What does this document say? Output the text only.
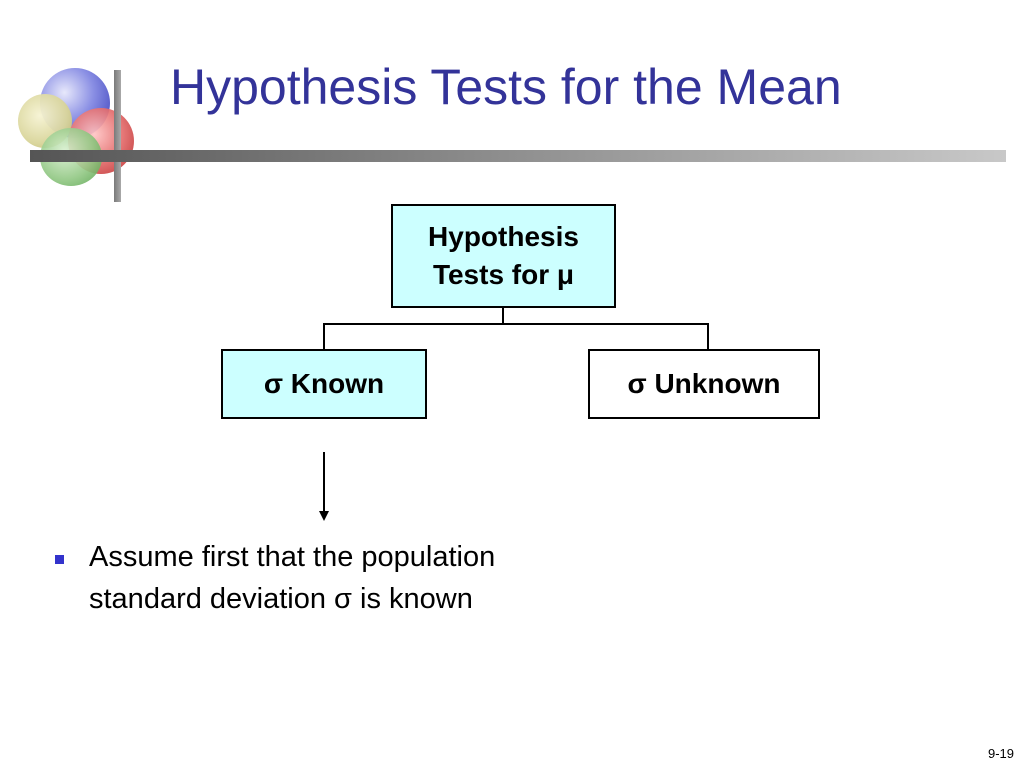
Hypothesis Tests for the Mean
Hypothesis
Tests for μ
σ Known	σ Unknown
Assume first that the population standard deviation σ is known
9-19
